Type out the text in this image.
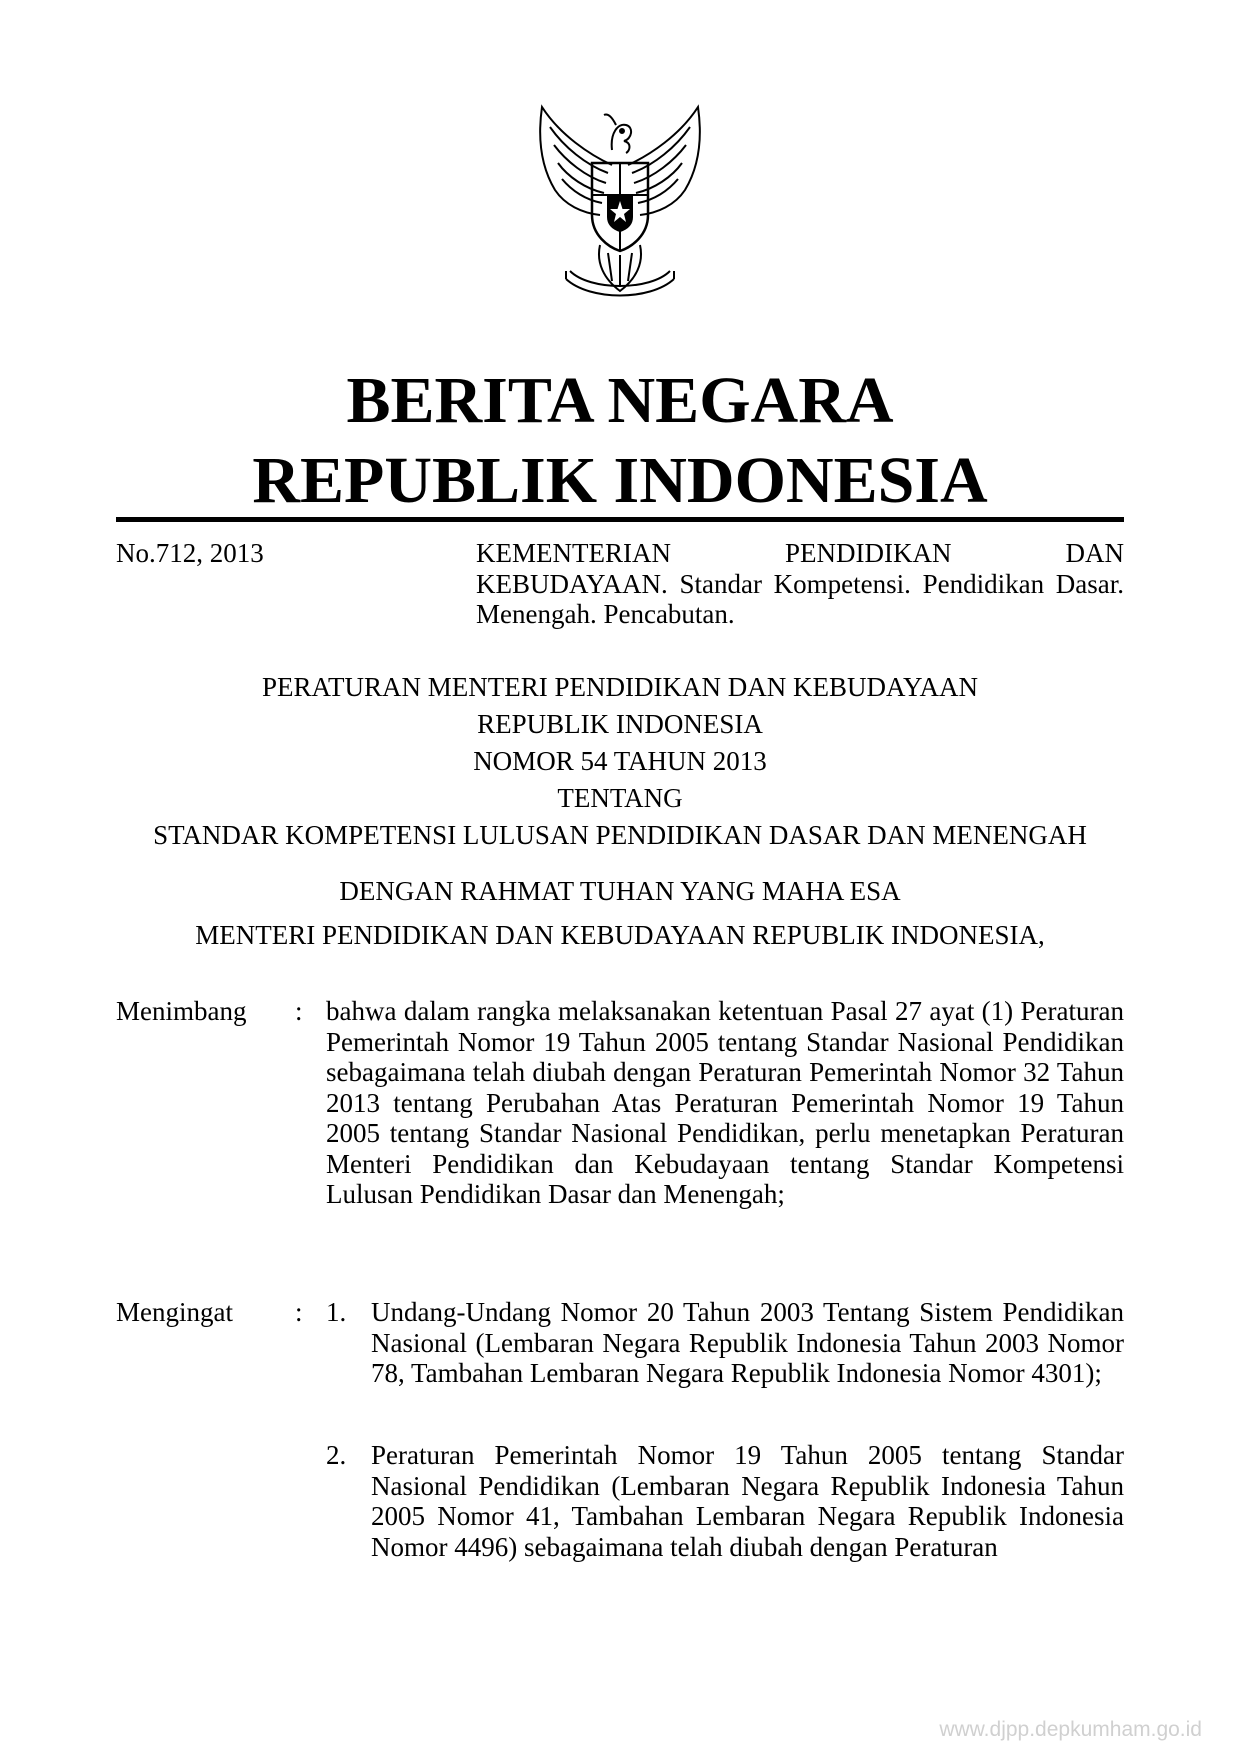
BERITA NEGARA
REPUBLIK INDONESIA
No.712, 2013	KEMENTERIAN PENDIDIKAN DAN
KEBUDAYAAN. Standar Kompetensi. Pendidikan Dasar. Menengah. Pencabutan.
PERATURAN MENTERI PENDIDIKAN DAN KEBUDAYAAN
REPUBLIK INDONESIA
NOMOR 54 TAHUN 2013
TENTANG
STANDAR KOMPETENSI LULUSAN PENDIDIKAN DASAR DAN MENENGAH
DENGAN RAHMAT TUHAN YANG MAHA ESA
MENTERI PENDIDIKAN DAN KEBUDAYAAN REPUBLIK INDONESIA,
Menimbang : bahwa dalam rangka melaksanakan ketentuan Pasal 27 ayat (1) Peraturan Pemerintah Nomor 19 Tahun 2005 tentang Standar Nasional Pendidikan sebagaimana telah diubah dengan Peraturan Pemerintah Nomor 32 Tahun 2013 tentang Perubahan Atas Peraturan Pemerintah Nomor 19 Tahun 2005 tentang Standar Nasional Pendidikan, perlu menetapkan Peraturan Menteri Pendidikan dan Kebudayaan tentang Standar Kompetensi Lulusan Pendidikan Dasar dan Menengah;
Mengingat : 1. Undang-Undang Nomor 20 Tahun 2003 Tentang Sistem Pendidikan Nasional (Lembaran Negara Republik Indonesia Tahun 2003 Nomor 78, Tambahan Lembaran Negara Republik Indonesia Nomor 4301);
2. Peraturan Pemerintah Nomor 19 Tahun 2005 tentang Standar Nasional Pendidikan (Lembaran Negara Republik Indonesia Tahun 2005 Nomor 41, Tambahan Lembaran Negara Republik Indonesia Nomor 4496) sebagaimana telah diubah dengan Peraturan
www.djpp.depkumham.go.id
